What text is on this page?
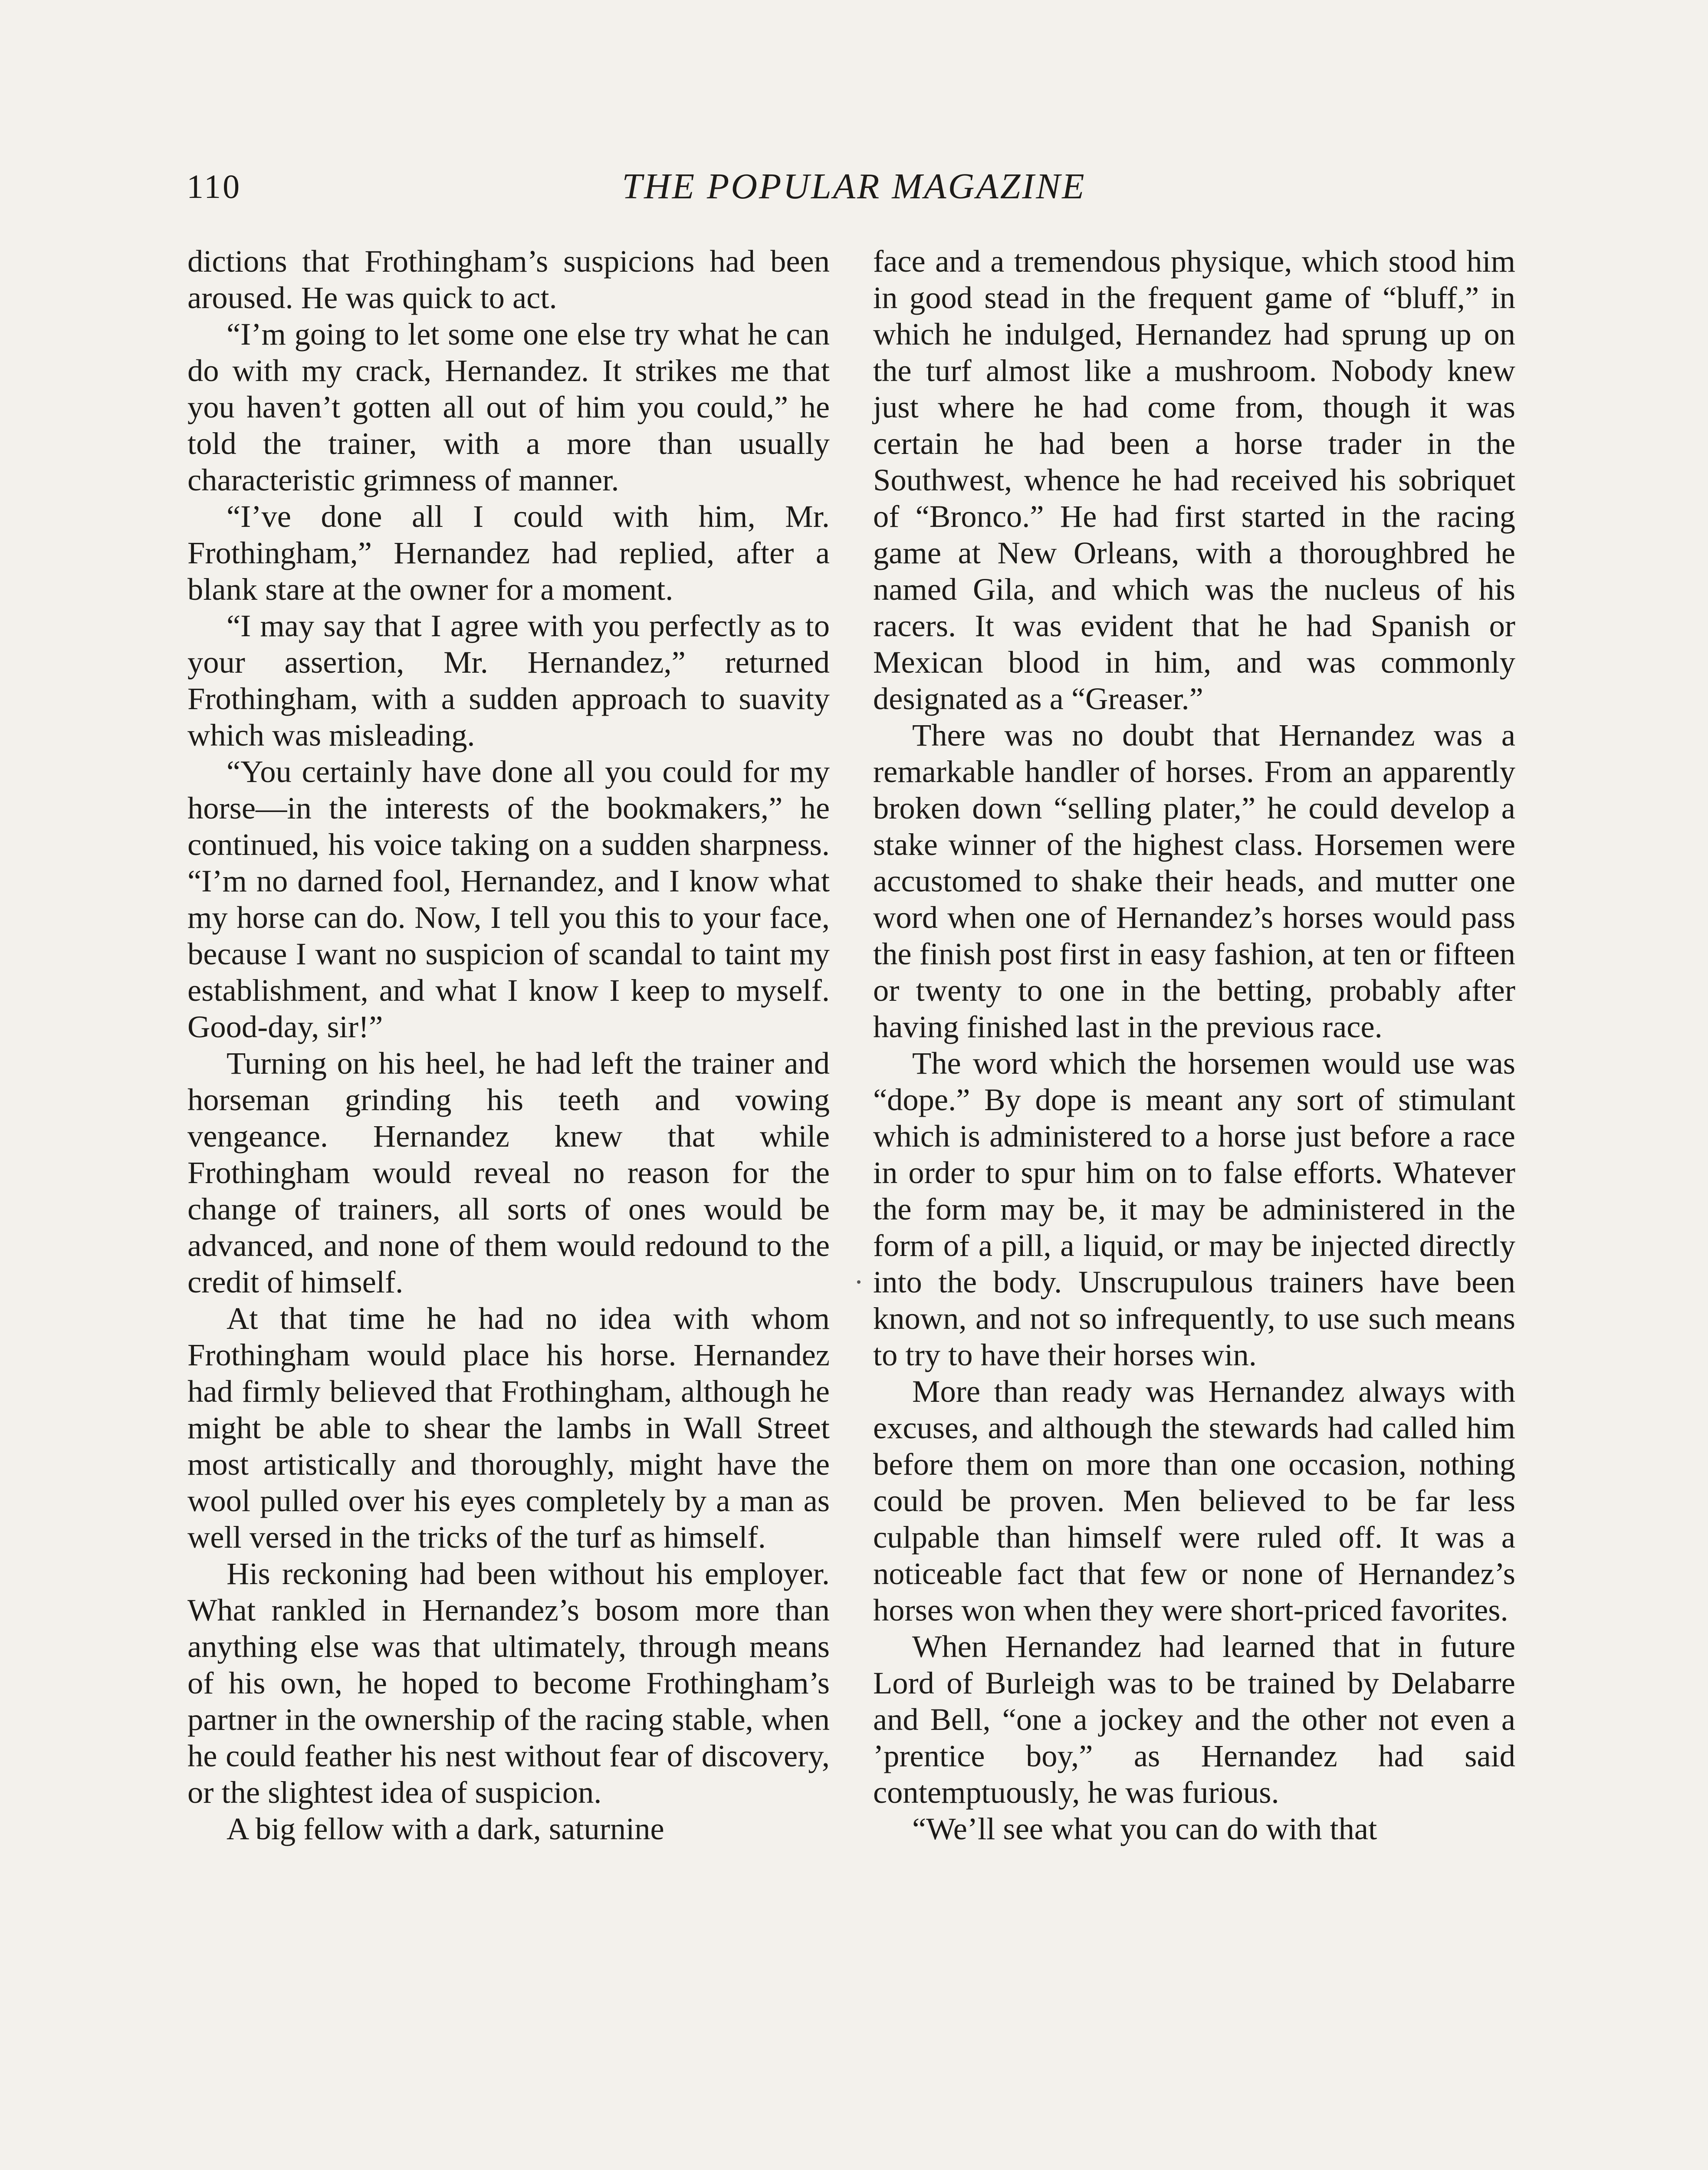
110	THE POPULAR MAGAZINE

dictions that Frothingham’s suspicions had been aroused. He was quick to act.

“I’m going to let some one else try what he can do with my crack, Hernandez. It strikes me that you haven’t gotten all out of him you could,” he told the trainer, with a more than usually characteristic grimness of manner.

“I’ve done all I could with him, Mr. Frothingham,” Hernandez had replied, after a blank stare at the owner for a moment.

“I may say that I agree with you perfectly as to your assertion, Mr. Hernandez,” returned Frothingham, with a sudden approach to suavity which was misleading.

“You certainly have done all you could for my horse—in the interests of the bookmakers,” he continued, his voice taking on a sudden sharpness. “I’m no darned fool, Hernandez, and I know what my horse can do. Now, I tell you this to your face, because I want no suspicion of scandal to taint my establishment, and what I know I keep to myself. Good-day, sir!”

Turning on his heel, he had left the trainer and horseman grinding his teeth and vowing vengeance. Hernandez knew that while Frothingham would reveal no reason for the change of trainers, all sorts of ones would be advanced, and none of them would redound to the credit of himself.

At that time he had no idea with whom Frothingham would place his horse. Hernandez had firmly believed that Frothingham, although he might be able to shear the lambs in Wall Street most artistically and thoroughly, might have the wool pulled over his eyes completely by a man as well versed in the tricks of the turf as himself.

His reckoning had been without his employer. What rankled in Hernandez’s bosom more than anything else was that ultimately, through means of his own, he hoped to become Frothingham’s partner in the ownership of the racing stable, when he could feather his nest without fear of discovery, or the slightest idea of suspicion.

A big fellow with a dark, saturnine

face and a tremendous physique, which stood him in good stead in the frequent game of “bluff,” in which he indulged, Hernandez had sprung up on the turf almost like a mushroom. Nobody knew just where he had come from, though it was certain he had been a horse trader in the Southwest, whence he had received his sobriquet of “Bronco.” He had first started in the racing game at New Orleans, with a thoroughbred he named Gila, and which was the nucleus of his racers. It was evident that he had Spanish or Mexican blood in him, and was commonly designated as a “Greaser.”

There was no doubt that Hernandez was a remarkable handler of horses. From an apparently broken down “selling plater,” he could develop a stake winner of the highest class. Horsemen were accustomed to shake their heads, and mutter one word when one of Hernandez’s horses would pass the finish post first in easy fashion, at ten or fifteen or twenty to one in the betting, probably after having finished last in the previous race.

The word which the horsemen would use was “dope.” By dope is meant any sort of stimulant which is administered to a horse just before a race in order to spur him on to false efforts. Whatever the form may be, it may be administered in the form of a pill, a liquid, or may be injected directly into the body. Unscrupulous trainers have been known, and not so infrequently, to use such means to try to have their horses win.

More than ready was Hernandez always with excuses, and although the stewards had called him before them on more than one occasion, nothing could be proven. Men believed to be far less culpable than himself were ruled off. It was a noticeable fact that few or none of Hernandez’s horses won when they were short-priced favorites.

When Hernandez had learned that in future Lord of Burleigh was to be trained by Delabarre and Bell, “one a jockey and the other not even a ’prentice boy,” as Hernandez had said contemptuously, he was furious.

“We’ll see what you can do with that
